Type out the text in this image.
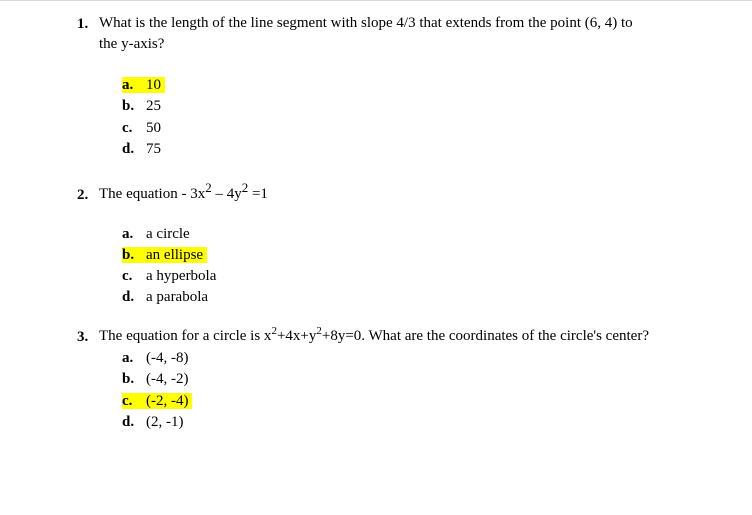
1. What is the length of the line segment with slope 4/3 that extends from the point (6, 4) to
the y-axis?
a. 10
b. 25
c. 50
d. 75
2. The equation - 3x2 – 4y2 =1
a. a circle
b. an ellipse
c. a hyperbola
d. a parabola
3. The equation for a circle is $x^2+4x+y^2+8y=0$. What are the coordinates of the circle's center?
a. (-4, -8)
b. (-4, -2)
c. (-2, -4)
d. (2, -1)
